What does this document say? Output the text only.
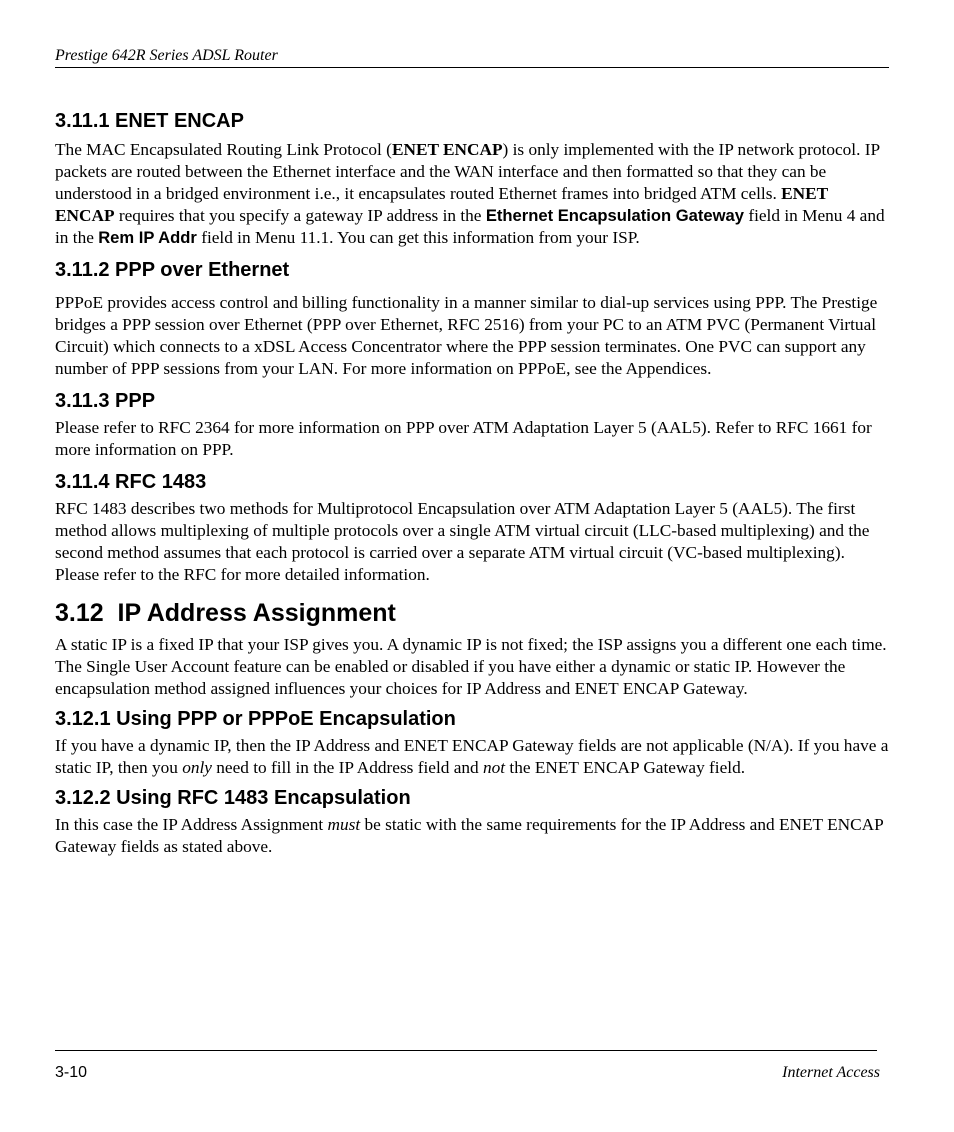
Prestige 642R Series ADSL Router
3.11.1 ENET ENCAP

The MAC Encapsulated Routing Link Protocol (ENET ENCAP) is only implemented with the IP network protocol. IP packets are routed between the Ethernet interface and the WAN interface and then formatted so that they can be understood in a bridged environment i.e., it encapsulates routed Ethernet frames into bridged ATM cells. ENET ENCAP requires that you specify a gateway IP address in the Ethernet Encapsulation Gateway field in Menu 4 and in the Rem IP Addr field in Menu 11.1. You can get this information from your ISP.

3.11.2 PPP over Ethernet

PPPoE provides access control and billing functionality in a manner similar to dial-up services using PPP. The Prestige bridges a PPP session over Ethernet (PPP over Ethernet, RFC 2516) from your PC to an ATM PVC (Permanent Virtual Circuit) which connects to a xDSL Access Concentrator where the PPP session terminates. One PVC can support any number of PPP sessions from your LAN. For more information on PPPoE, see the Appendices.

3.11.3 PPP

Please refer to RFC 2364 for more information on PPP over ATM Adaptation Layer 5 (AAL5). Refer to RFC 1661 for more information on PPP.

3.11.4 RFC 1483

RFC 1483 describes two methods for Multiprotocol Encapsulation over ATM Adaptation Layer 5 (AAL5). The first method allows multiplexing of multiple protocols over a single ATM virtual circuit (LLC-based multiplexing) and the second method assumes that each protocol is carried over a separate ATM virtual circuit (VC-based multiplexing). Please refer to the RFC for more detailed information.

3.12  IP Address Assignment

A static IP is a fixed IP that your ISP gives you. A dynamic IP is not fixed; the ISP assigns you a different one each time. The Single User Account feature can be enabled or disabled if you have either a dynamic or static IP. However the encapsulation method assigned influences your choices for IP Address and ENET ENCAP Gateway.

3.12.1 Using PPP or PPPoE Encapsulation

If you have a dynamic IP, then the IP Address and ENET ENCAP Gateway fields are not applicable (N/A). If you have a static IP, then you only need to fill in the IP Address field and not the ENET ENCAP Gateway field.

3.12.2 Using RFC 1483 Encapsulation

In this case the IP Address Assignment must be static with the same requirements for the IP Address and ENET ENCAP Gateway fields as stated above.

3-10	Internet Access
